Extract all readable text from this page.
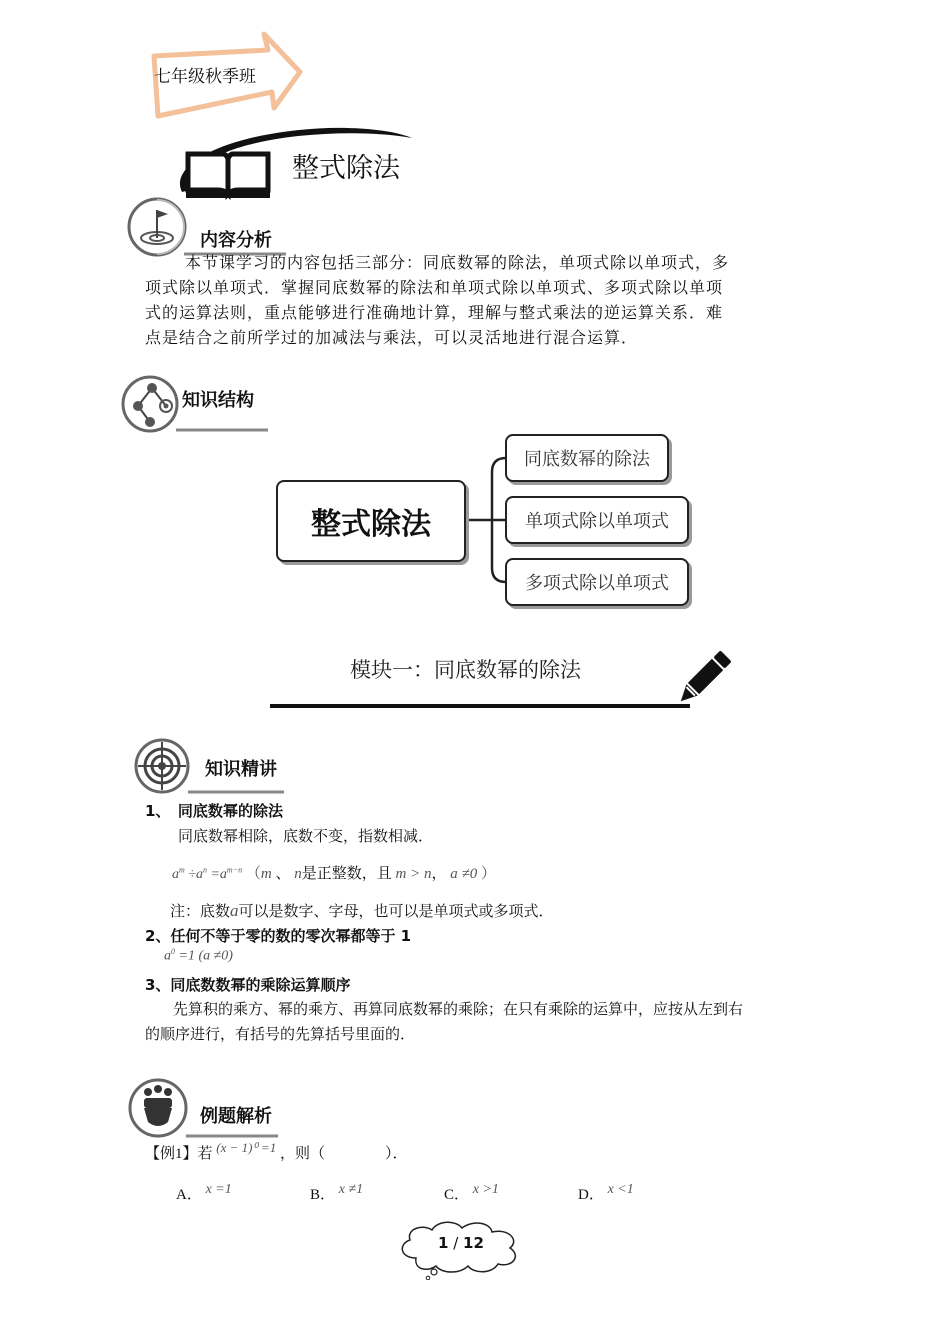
七年级秋季班
整式除法
内容分析
本节课学习的内容包括三部分：同底数幂的除法，单项式除以单项式，多
项式除以单项式．掌握同底数幂的除法和单项式除以单项式、多项式除以单项
式的运算法则，重点能够进行准确地计算，理解与整式乘法的逆运算关系．难
点是结合之前所学过的加减法与乘法，可以灵活地进行混合运算．
知识结构
整式除法
同底数幂的除法
单项式除以单项式
多项式除以单项式
模块一：同底数幂的除法
知识精讲
1、　同底数幂的除法
同底数幂相除，底数不变，指数相减．
$a^m \div a^n =a^{m-n}$ （m 、 n是正整数，且 m > n， a ≠0 ）
注：底数a可以是数字、字母，也可以是单项式或多项式．
2、任何不等于零的数的零次幂都等于 1
$a^0 =1$ (a ≠0)
3、同底数数幂的乘除运算顺序
先算积的乘方、幂的乘方、再算同底数幂的乘除；在只有乘除的运算中，应按从左到右
的顺序进行，有括号的先算括号里面的．
例题解析
【例1】若 (x − 1)⁰ =1 ，则（　　　　）．
A． x =1	B． x ≠1	C． x >1	D． x <1
1 / 12
